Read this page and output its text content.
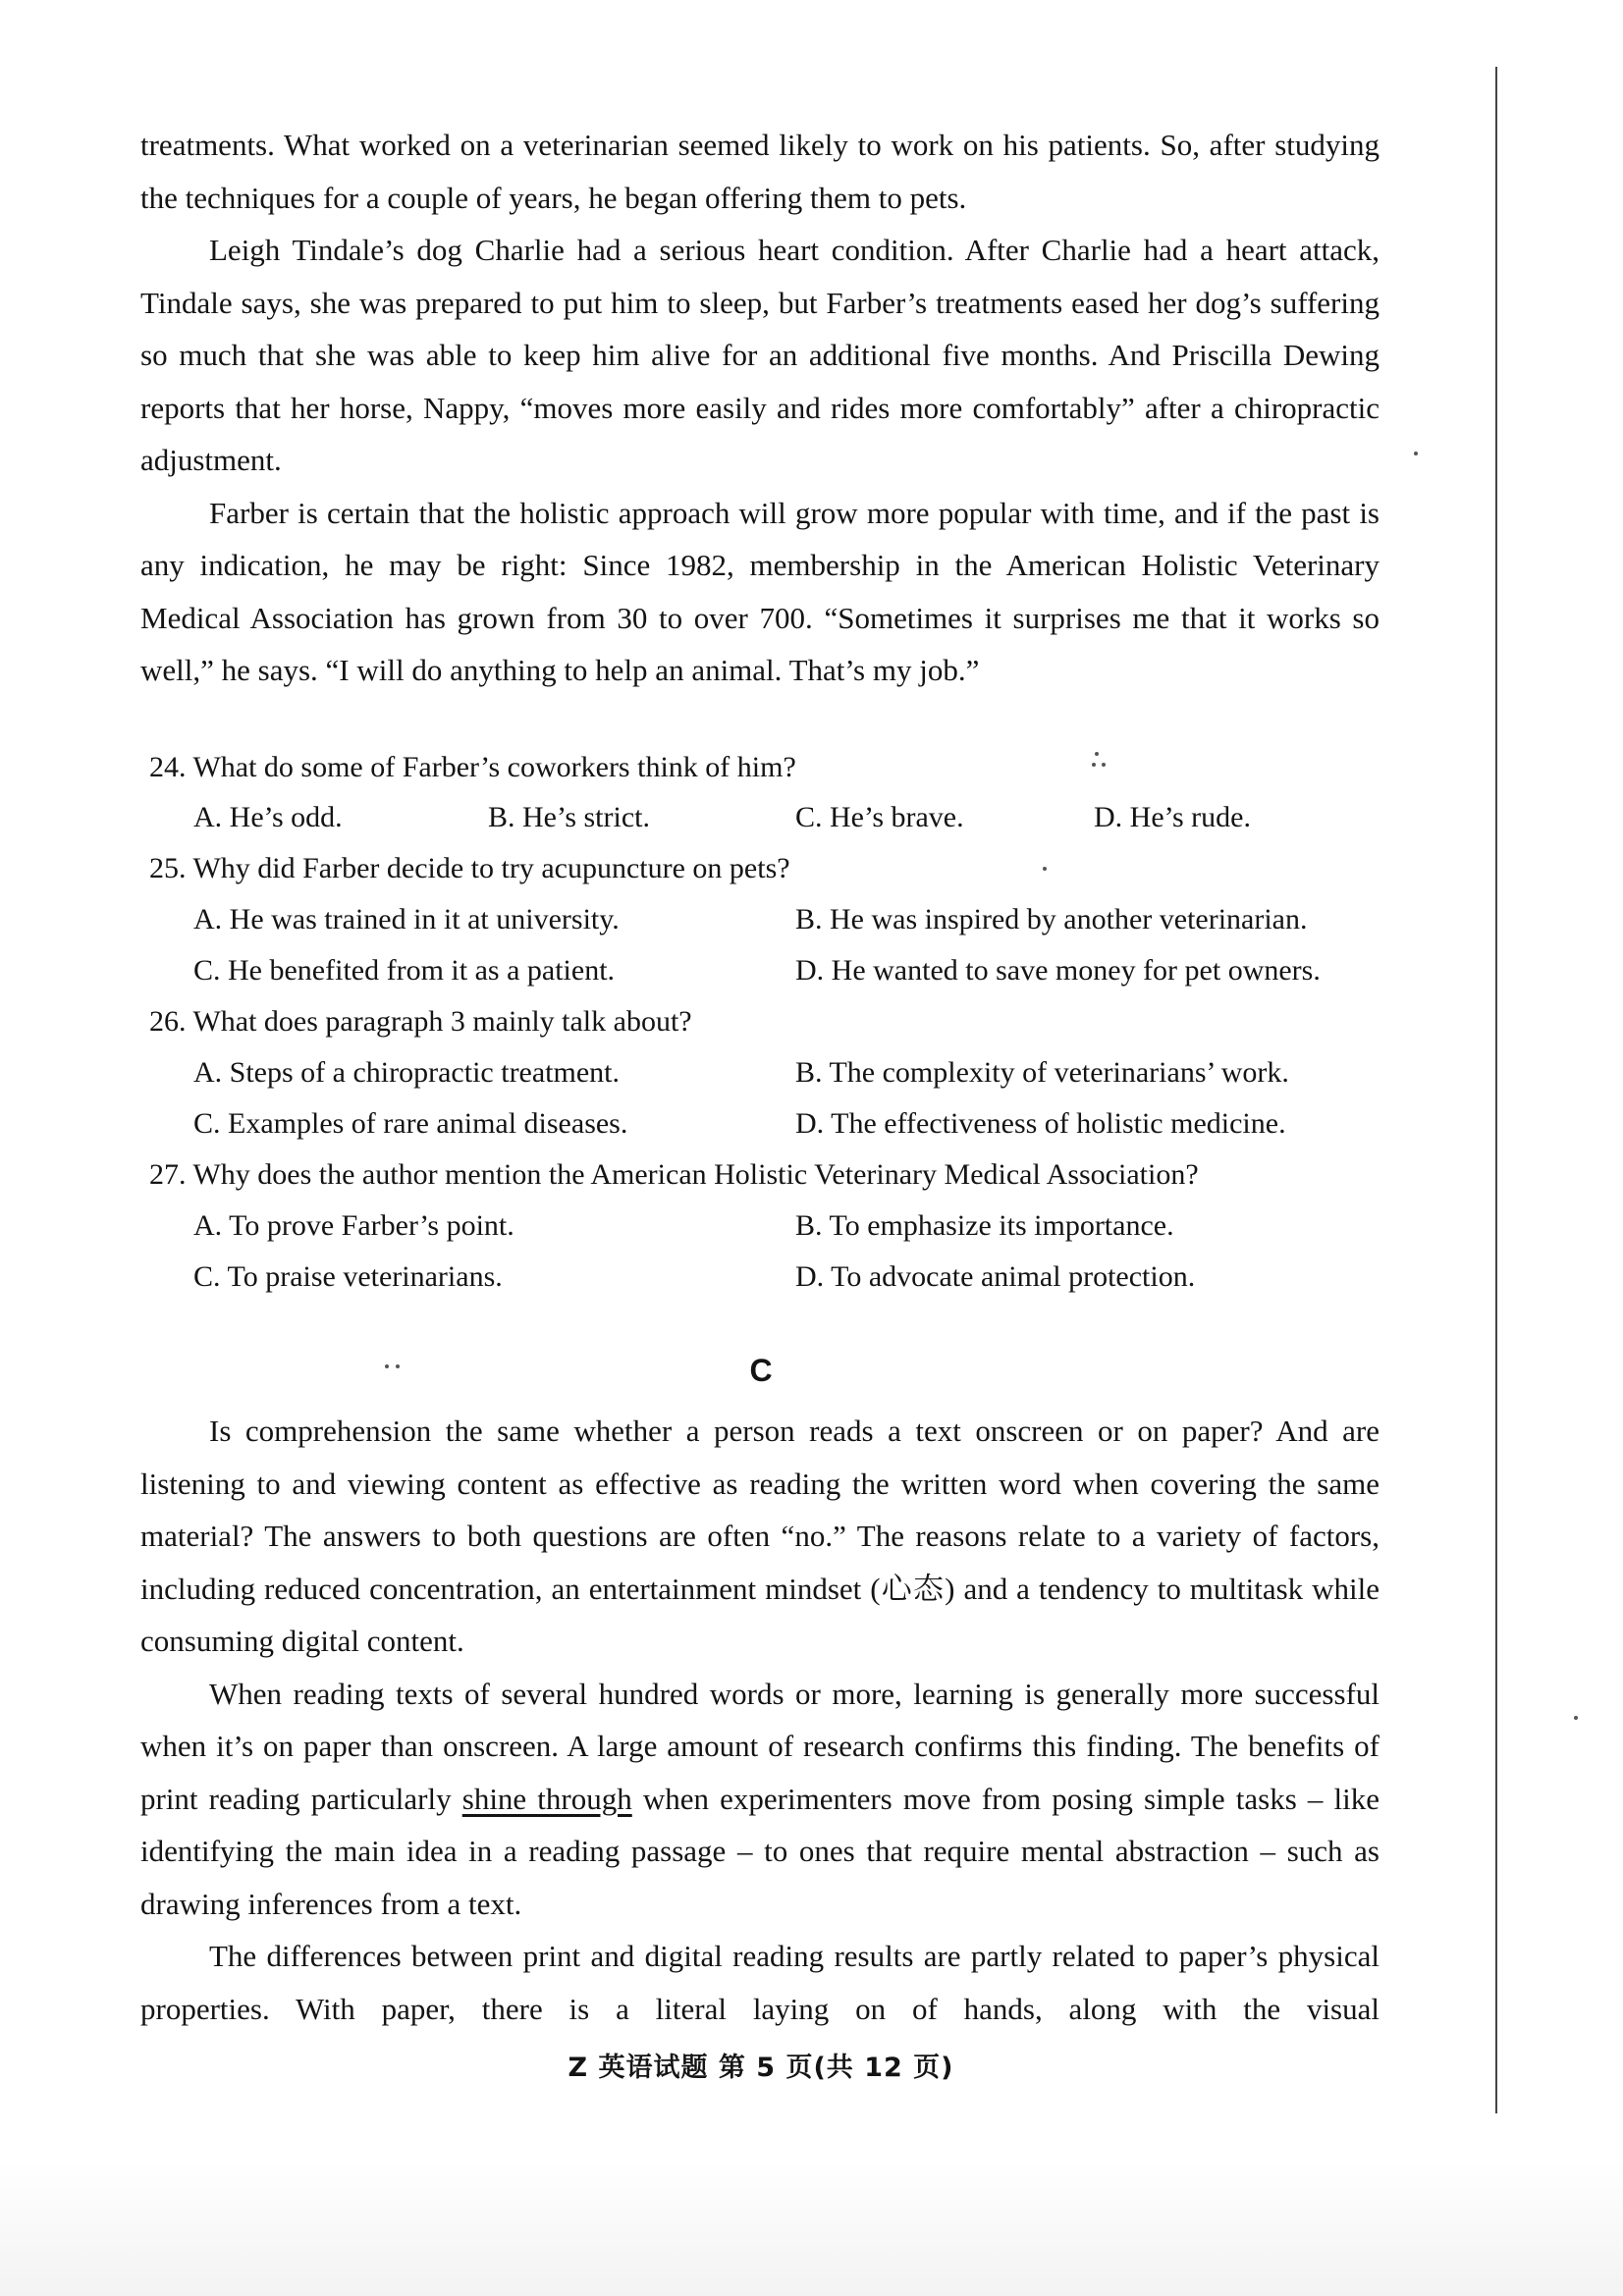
treatments. What worked on a veterinarian seemed likely to work on his patients. So, after studying the techniques for a couple of years, he began offering them to pets.

Leigh Tindale’s dog Charlie had a serious heart condition. After Charlie had a heart attack, Tindale says, she was prepared to put him to sleep, but Farber’s treatments eased her dog’s suffering so much that she was able to keep him alive for an additional five months. And Priscilla Dewing reports that her horse, Nappy, “moves more easily and rides more comfortably” after a chiropractic adjustment.

Farber is certain that the holistic approach will grow more popular with time, and if the past is any indication, he may be right: Since 1982, membership in the American Holistic Veterinary Medical Association has grown from 30 to over 700. “Sometimes it surprises me that it works so well,” he says. “I will do anything to help an animal. That’s my job.”

24. What do some of Farber’s coworkers think of him?
A. He’s odd.	B. He’s strict.	C. He’s brave.	D. He’s rude.
25. Why did Farber decide to try acupuncture on pets?
A. He was trained in it at university.	B. He was inspired by another veterinarian.
C. He benefited from it as a patient.	D. He wanted to save money for pet owners.
26. What does paragraph 3 mainly talk about?
A. Steps of a chiropractic treatment.	B. The complexity of veterinarians’ work.
C. Examples of rare animal diseases.	D. The effectiveness of holistic medicine.
27. Why does the author mention the American Holistic Veterinary Medical Association?
A. To prove Farber’s point.	B. To emphasize its importance.
C. To praise veterinarians.	D. To advocate animal protection.
C

Is comprehension the same whether a person reads a text onscreen or on paper? And are listening to and viewing content as effective as reading the written word when covering the same material? The answers to both questions are often “no.” The reasons relate to a variety of factors, including reduced concentration, an entertainment mindset (心态) and a tendency to multitask while consuming digital content.

When reading texts of several hundred words or more, learning is generally more successful when it’s on paper than onscreen. A large amount of research confirms this finding. The benefits of print reading particularly shine through when experimenters move from posing simple tasks – like identifying the main idea in a reading passage – to ones that require mental abstraction – such as drawing inferences from a text.

The differences between print and digital reading results are partly related to paper’s physical properties. With paper, there is a literal laying on of hands, along with the visual

Z 英语试题 第 5 页(共 12 页)
